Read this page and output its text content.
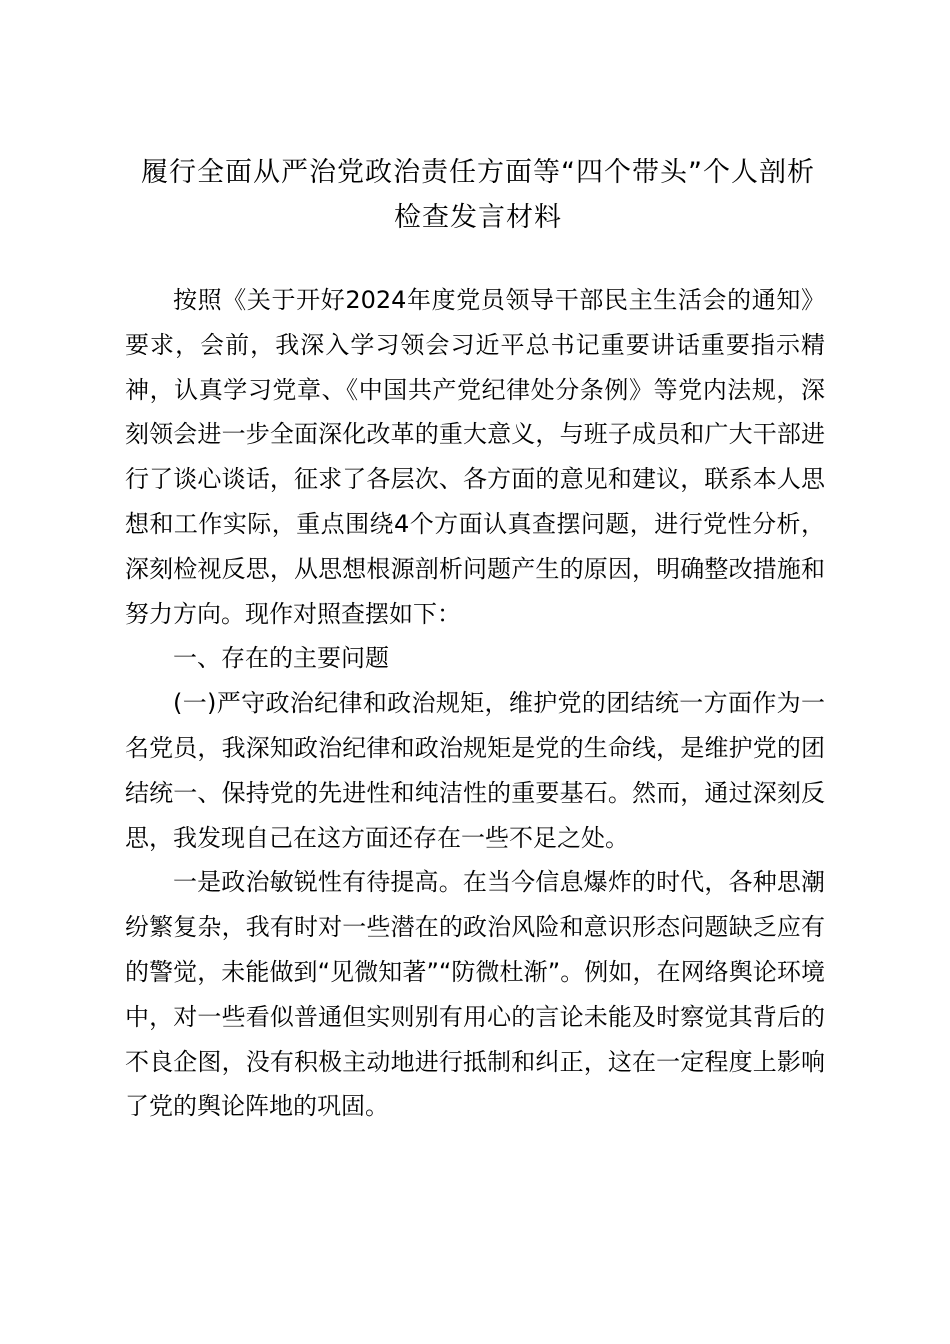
履行全面从严治党政治责任方面等“四个带头”个人剖析检查发言材料

按照《关于开好2024年度党员领导干部民主生活会的通知》要求，会前，我深入学习领会习近平总书记重要讲话重要指示精神，认真学习党章、《中国共产党纪律处分条例》等党内法规，深刻领会进一步全面深化改革的重大意义，与班子成员和广大干部进行了谈心谈话，征求了各层次、各方面的意见和建议，联系本人思想和工作实际，重点围绕4个方面认真查摆问题，进行党性分析，深刻检视反思，从思想根源剖析问题产生的原因，明确整改措施和努力方向。现作对照查摆如下：

一、存在的主要问题

(一)严守政治纪律和政治规矩，维护党的团结统一方面作为一名党员，我深知政治纪律和政治规矩是党的生命线，是维护党的团结统一、保持党的先进性和纯洁性的重要基石。然而，通过深刻反思，我发现自己在这方面还存在一些不足之处。

一是政治敏锐性有待提高。在当今信息爆炸的时代，各种思潮纷繁复杂，我有时对一些潜在的政治风险和意识形态问题缺乏应有的警觉，未能做到“见微知著”“防微杜渐”。例如，在网络舆论环境中，对一些看似普通但实则别有用心的言论未能及时察觉其背后的不良企图，没有积极主动地进行抵制和纠正，这在一定程度上影响了党的舆论阵地的巩固。
